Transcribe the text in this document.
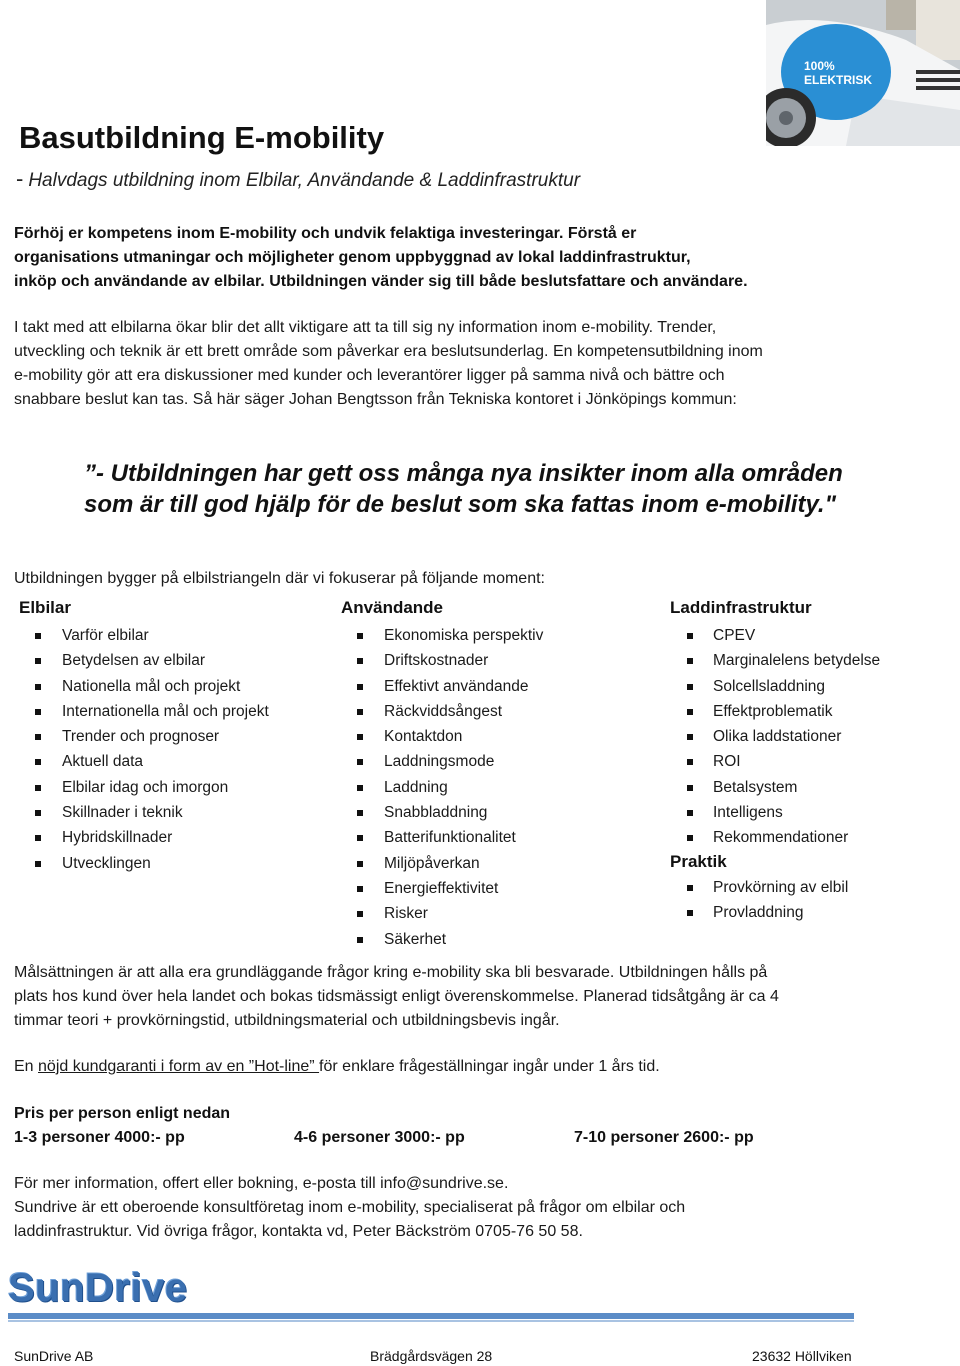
100%
ELEKTRISK
Basutbildning E-mobility
- Halvdags utbildning inom Elbilar, Användande & Laddinfrastruktur
Förhöj er kompetens inom E-mobility och undvik felaktiga investeringar. Förstå er
organisations utmaningar och möjligheter genom uppbyggnad av lokal laddinfrastruktur,
inköp och användande av elbilar. Utbildningen vänder sig till både beslutsfattare och användare.
I takt med att elbilarna ökar blir det allt viktigare att ta till sig ny information inom e-mobility. Trender,
utveckling och teknik är ett brett område som påverkar era beslutsunderlag. En kompetensutbildning inom
e-mobility gör att era diskussioner med kunder och leverantörer ligger på samma nivå och bättre och
snabbare beslut kan tas. Så här säger Johan Bengtsson från Tekniska kontoret i Jönköpings kommun:
”- Utbildningen har gett oss många nya insikter inom alla områden
som är till god hjälp för de beslut som ska fattas inom e-mobility."
Utbildningen bygger på elbilstriangeln där vi fokuserar på följande moment:
Elbilar
Varför elbilar
Betydelsen av elbilar
Nationella mål och projekt
Internationella mål och projekt
Trender och prognoser
Aktuell data
Elbilar idag och imorgon
Skillnader i teknik
Hybridskillnader
Utvecklingen
Användande
Ekonomiska perspektiv
Driftskostnader
Effektivt användande
Räckviddsångest
Kontaktdon
Laddningsmode
Laddning
Snabbladdning
Batterifunktionalitet
Miljöpåverkan
Energieffektivitet
Risker
Säkerhet
Laddinfrastruktur
CPEV
Marginalelens betydelse
Solcellsladdning
Effektproblematik
Olika laddstationer
ROI
Betalsystem
Intelligens
Rekommendationer
Praktik
Provkörning av elbil
Provladdning
Målsättningen är att alla era grundläggande frågor kring e-mobility ska bli besvarade. Utbildningen hålls på
plats hos kund över hela landet och bokas tidsmässigt enligt överenskommelse. Planerad tidsåtgång är ca 4
timmar teori + provkörningstid, utbildningsmaterial och utbildningsbevis ingår.
En nöjd kundgaranti i form av en ”Hot-line” för enklare frågeställningar ingår under 1 års tid.
Pris per person enligt nedan
1-3 personer 4000:- pp	4-6 personer 3000:- pp	7-10 personer 2600:- pp
För mer information, offert eller bokning, e-posta till info@sundrive.se.
Sundrive är ett oberoende konsultföretag inom e-mobility, specialiserat på frågor om elbilar och
laddinfrastruktur. Vid övriga frågor, kontakta vd, Peter Bäckström 0705-76 50 58.
SunDrive
SunDrive AB	Brädgårdsvägen 28	23632 Höllviken
